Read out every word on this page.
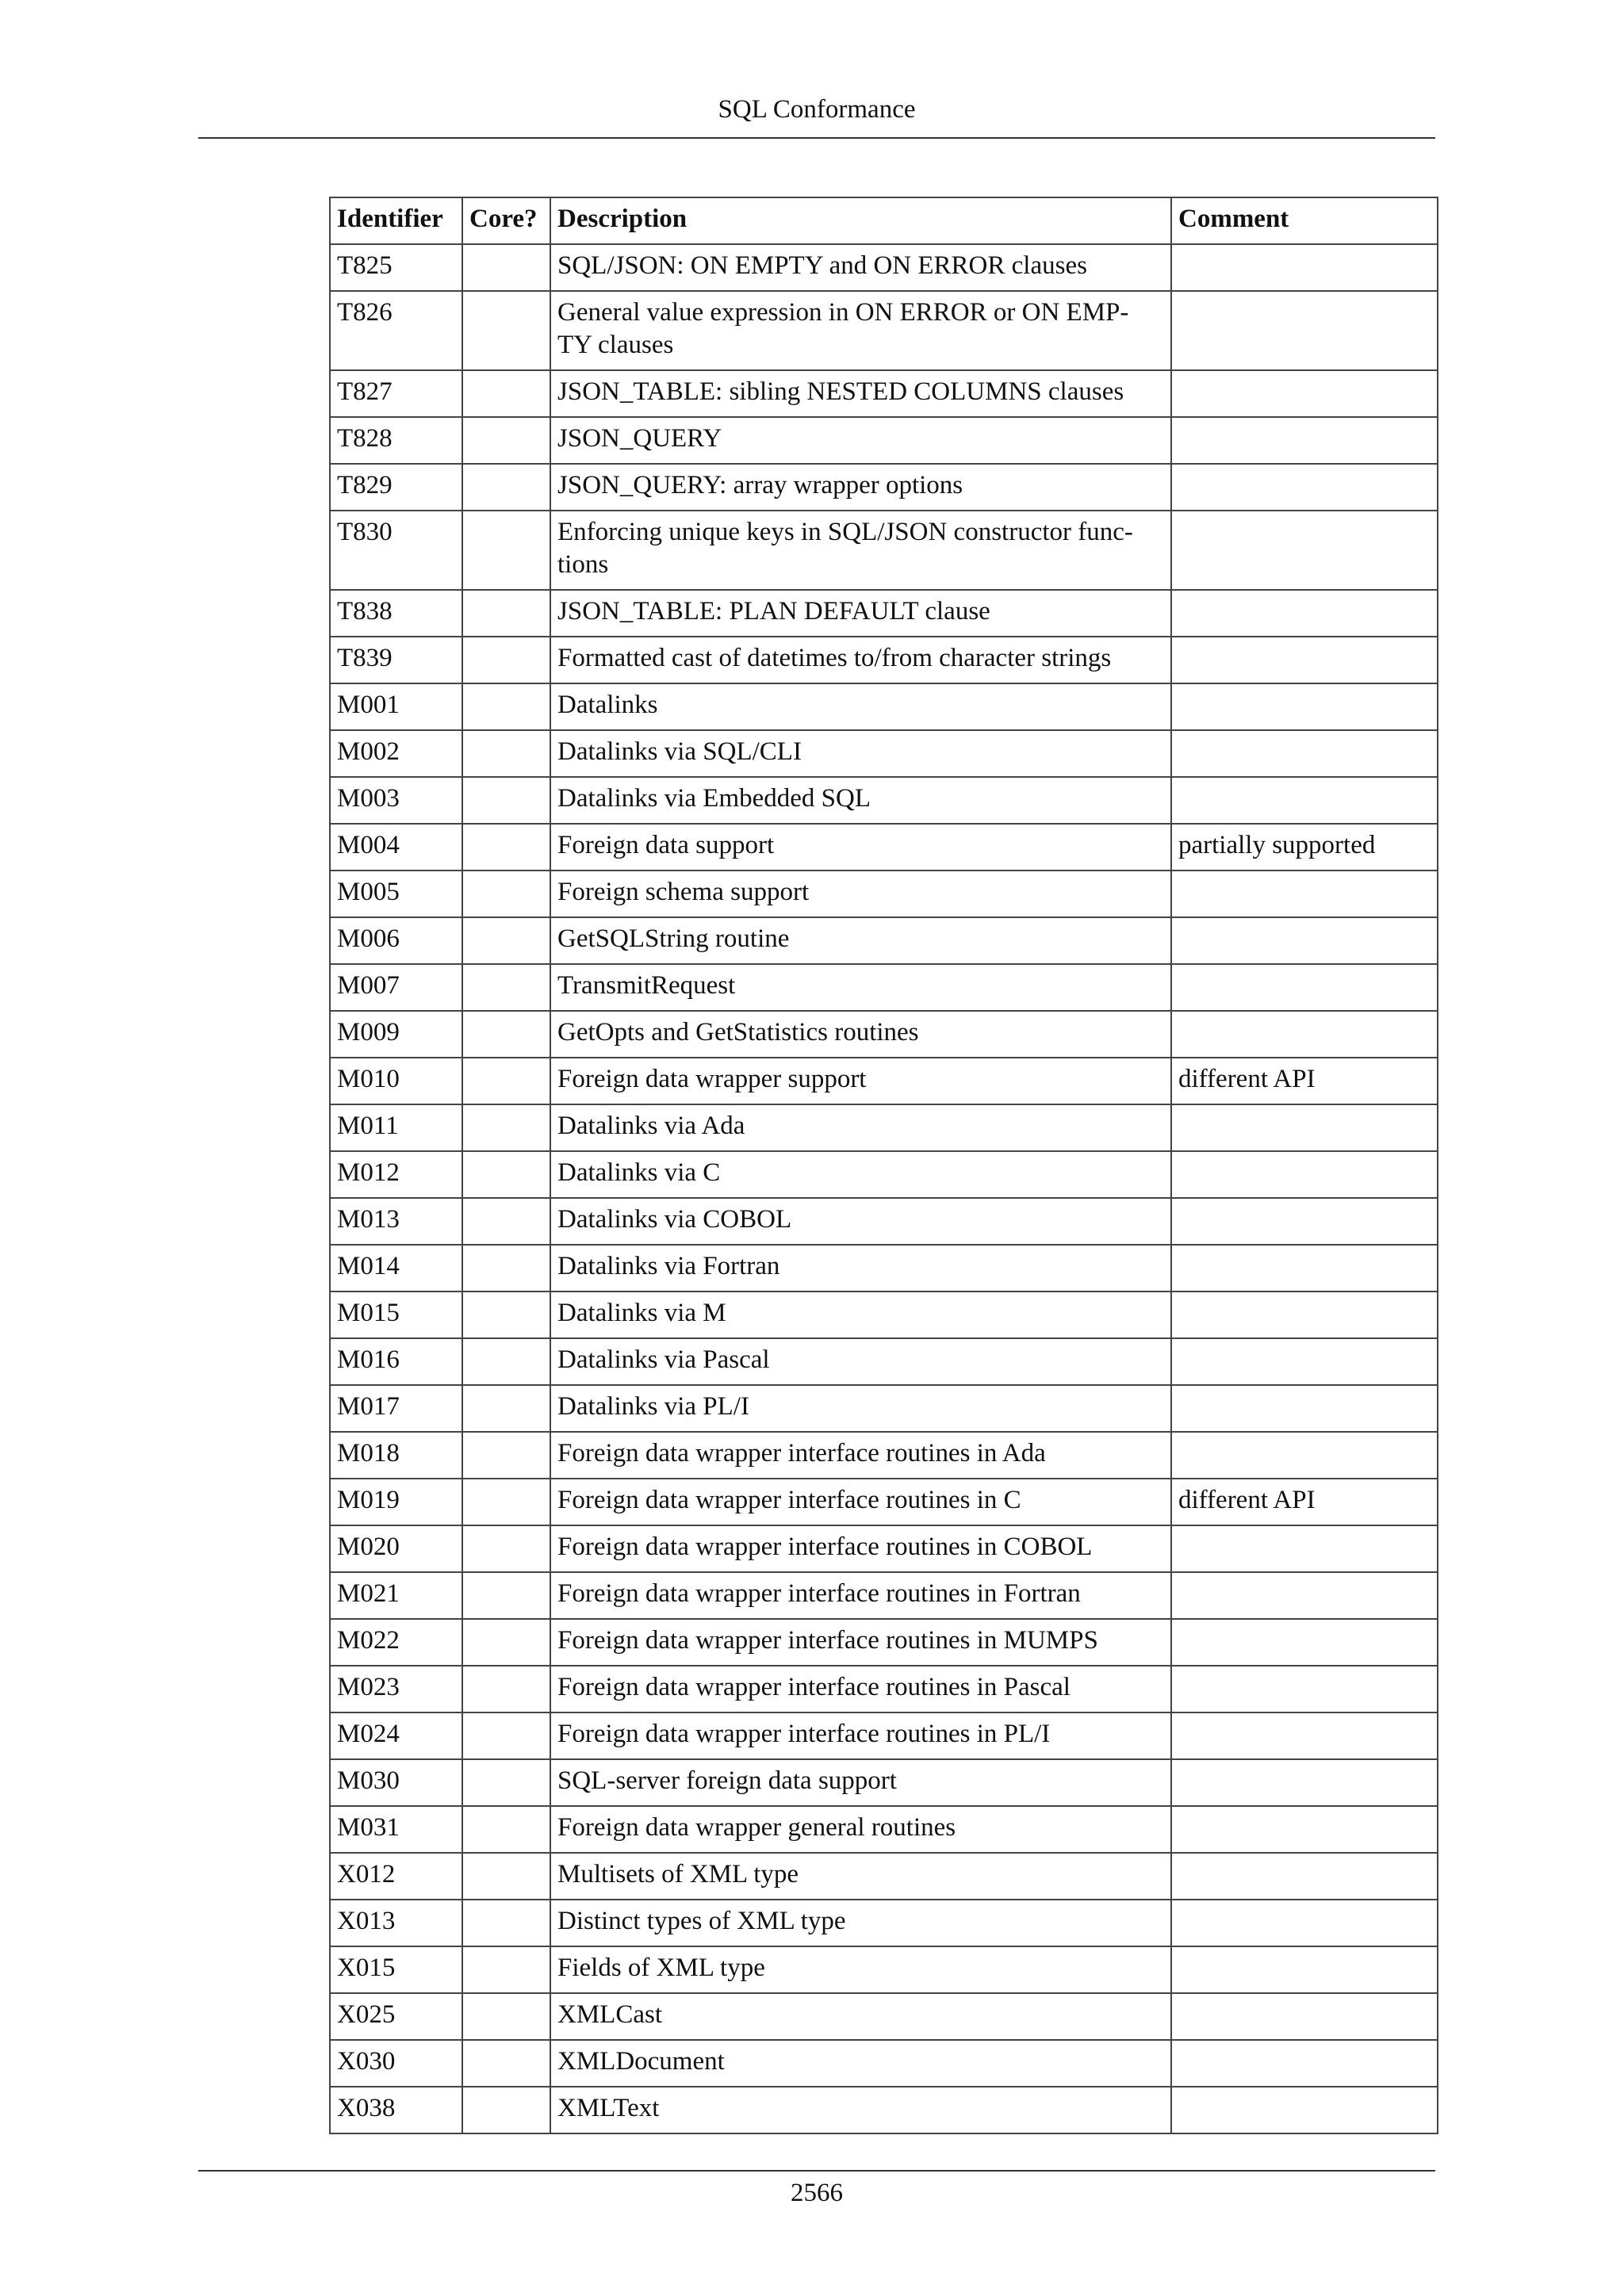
SQL Conformance
Identifier	Core?	Description	Comment
T825		SQL/JSON: ON EMPTY and ON ERROR clauses	
T826		General value expression in ON ERROR or ON EMP-
TY clauses	
T827		JSON_TABLE: sibling NESTED COLUMNS clauses	
T828		JSON_QUERY	
T829		JSON_QUERY: array wrapper options	
T830		Enforcing unique keys in SQL/JSON constructor func-
tions	
T838		JSON_TABLE: PLAN DEFAULT clause	
T839		Formatted cast of datetimes to/from character strings	
M001		Datalinks	
M002		Datalinks via SQL/CLI	
M003		Datalinks via Embedded SQL	
M004		Foreign data support	partially supported
M005		Foreign schema support	
M006		GetSQLString routine	
M007		TransmitRequest	
M009		GetOpts and GetStatistics routines	
M010		Foreign data wrapper support	different API
M011		Datalinks via Ada	
M012		Datalinks via C	
M013		Datalinks via COBOL	
M014		Datalinks via Fortran	
M015		Datalinks via M	
M016		Datalinks via Pascal	
M017		Datalinks via PL/I	
M018		Foreign data wrapper interface routines in Ada	
M019		Foreign data wrapper interface routines in C	different API
M020		Foreign data wrapper interface routines in COBOL	
M021		Foreign data wrapper interface routines in Fortran	
M022		Foreign data wrapper interface routines in MUMPS	
M023		Foreign data wrapper interface routines in Pascal	
M024		Foreign data wrapper interface routines in PL/I	
M030		SQL-server foreign data support	
M031		Foreign data wrapper general routines	
X012		Multisets of XML type	
X013		Distinct types of XML type	
X015		Fields of XML type	
X025		XMLCast	
X030		XMLDocument	
X038		XMLText	
2566
